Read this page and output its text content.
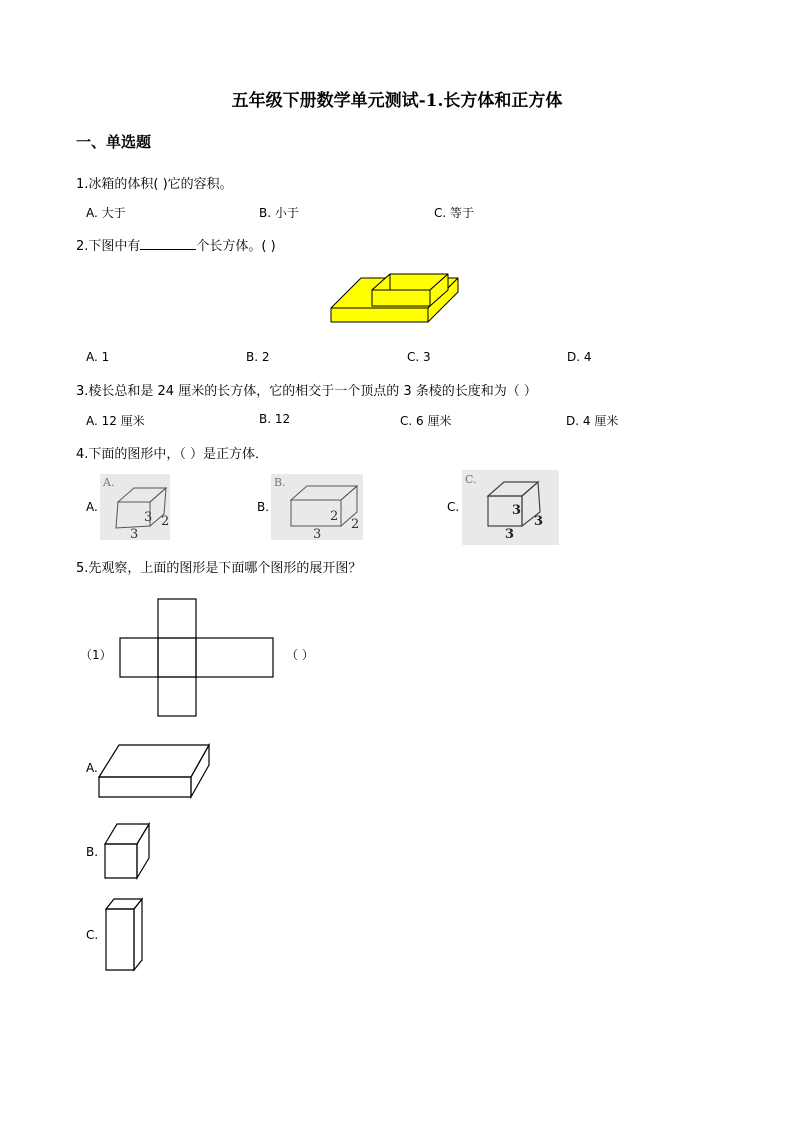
五年级下册数学单元测试-1.长方体和正方体
一、单选题
1.冰箱的体积( )它的容积。
A. 大于	B. 小于	C. 等于
2.下图中有	个长方体。( )
A. 1	B. 2	C. 3	D. 4
3.棱长总和是 24 厘米的长方体，它的相交于一个顶点的 3 条棱的长度和为（ ）
A. 12 厘米	B. 12	C. 6 厘米	D. 4 厘米
4.下面的图形中，（ ）是正方体．
A.
A.
3 2
3
B.
B.
2
2
3
C.
C.
3
3
3
5.先观察，上面的图形是下面哪个图形的展开图？
（1）	（ ）
A.
B.
C.
